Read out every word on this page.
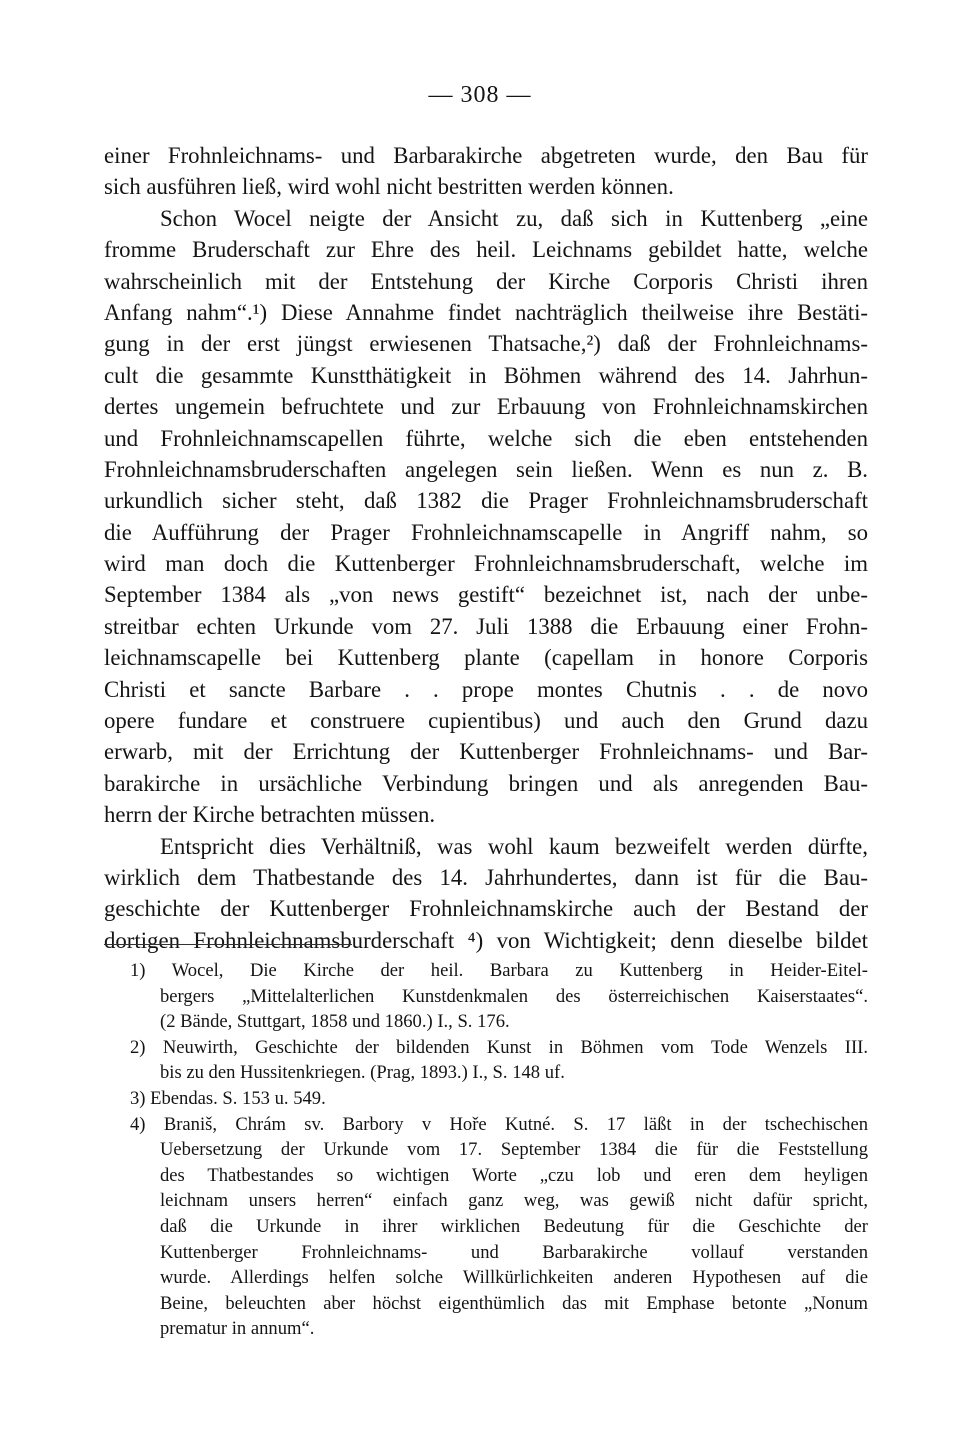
— 308 —
einer Frohnleichnams- und Barbarakirche abgetreten wurde, den Bau für
sich ausführen ließ, wird wohl nicht bestritten werden können.
Schon Wocel neigte der Ansicht zu, daß sich in Kuttenberg „eine
fromme Bruderschaft zur Ehre des heil. Leichnams gebildet hatte, welche
wahrscheinlich mit der Entstehung der Kirche Corporis Christi ihren
Anfang nahm“.¹) Diese Annahme findet nachträglich theilweise ihre Bestäti-
gung in der erst jüngst erwiesenen Thatsache,²) daß der Frohnleichnams-
cult die gesammte Kunstthätigkeit in Böhmen während des 14. Jahrhun-
dertes ungemein befruchtete und zur Erbauung von Frohnleichnamskirchen
und Frohnleichnamscapellen führte, welche sich die eben entstehenden
Frohnleichnamsbruderschaften angelegen sein ließen. Wenn es nun z. B.
urkundlich sicher steht, daß 1382 die Prager Frohnleichnamsbruderschaft
die Aufführung der Prager Frohnleichnamscapelle in Angriff nahm, so
wird man doch die Kuttenberger Frohnleichnamsbruderschaft, welche im
September 1384 als „von news gestift“ bezeichnet ist, nach der unbe-
streitbar echten Urkunde vom 27. Juli 1388 die Erbauung einer Frohn-
leichnamscapelle bei Kuttenberg plante (capellam in honore Corporis
Christi et sancte Barbare . . prope montes Chutnis . . de novo
opere fundare et construere cupientibus) und auch den Grund dazu
erwarb, mit der Errichtung der Kuttenberger Frohnleichnams- und Bar-
barakirche in ursächliche Verbindung bringen und als anregenden Bau-
herrn der Kirche betrachten müssen.
Entspricht dies Verhältniß, was wohl kaum bezweifelt werden dürfte,
wirklich dem Thatbestande des 14. Jahrhundertes, dann ist für die Bau-
geschichte der Kuttenberger Frohnleichnamskirche auch der Bestand der
dortigen Frohnleichnamsburderschaft ⁴) von Wichtigkeit; denn dieselbe bildet
1) Wocel, Die Kirche der heil. Barbara zu Kuttenberg in Heider-Eitel-
bergers „Mittelalterlichen Kunstdenkmalen des österreichischen Kaiserstaates“.
(2 Bände, Stuttgart, 1858 und 1860.) I., S. 176.
2) Neuwirth, Geschichte der bildenden Kunst in Böhmen vom Tode Wenzels III.
bis zu den Hussitenkriegen. (Prag, 1893.) I., S. 148 uf.
3) Ebendas. S. 153 u. 549.
4) Braniš, Chrám sv. Barbory v Hoře Kutné. S. 17 läßt in der tschechischen
Uebersetzung der Urkunde vom 17. September 1384 die für die Feststellung
des Thatbestandes so wichtigen Worte „czu lob und eren dem heyligen
leichnam unsers herren“ einfach ganz weg, was gewiß nicht dafür spricht,
daß die Urkunde in ihrer wirklichen Bedeutung für die Geschichte der
Kuttenberger Frohnleichnams- und Barbarakirche vollauf verstanden
wurde. Allerdings helfen solche Willkürlichkeiten anderen Hypothesen auf die
Beine, beleuchten aber höchst eigenthümlich das mit Emphase betonte „Nonum
prematur in annum“.
